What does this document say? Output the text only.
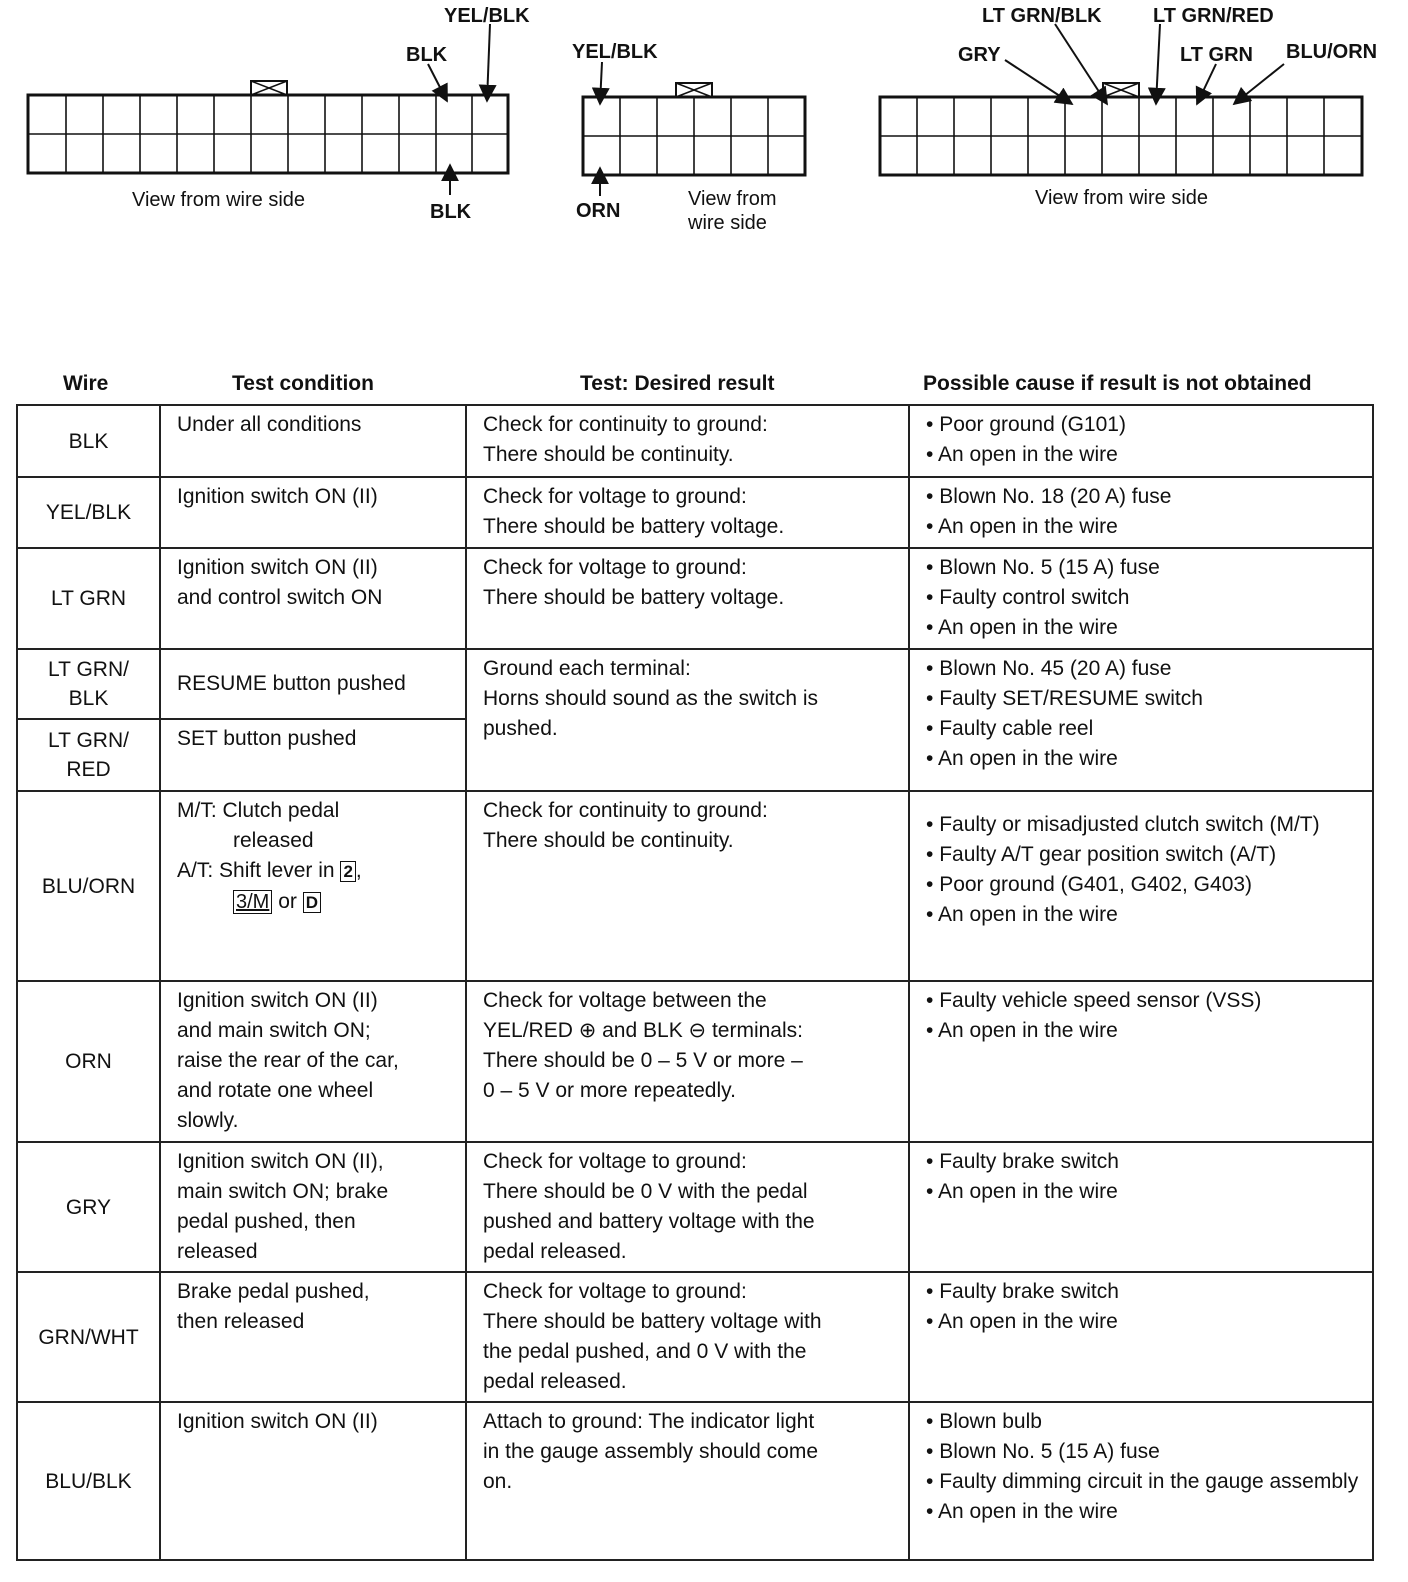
YEL/BLK
BLK
BLK
View from wire side
YEL/BLK
ORN
View from
wire side
LT GRN/BLK	LT GRN/RED
GRY	LT GRN BLU/ORN
View from wire side
Wire	Test condition	Test: Desired result	Possible cause if result is not obtained
BLK	Under all conditions	Check for continuity to ground:
There should be continuity.	• Poor ground (G101)
• An open in the wire

YEL/BLK	Ignition switch ON (II)	Check for voltage to ground:
There should be battery voltage.	• Blown No. 18 (20 A) fuse
• An open in the wire

LT GRN	Ignition switch ON (II)
and control switch ON	Check for voltage to ground:
There should be battery voltage.	• Blown No. 5 (15 A) fuse
• Faulty control switch
• An open in the wire

LT GRN/
BLK	RESUME button pushed	Ground each terminal:
Horns should sound as the switch is
pushed.	• Blown No. 45 (20 A) fuse
• Faulty SET/RESUME switch
• Faulty cable reel
• An open in the wire

LT GRN/
RED	SET button pushed		

BLU/ORN	M/T: Clutch pedal
released
A/T: Shift lever in 2 ,
3/M or D	Check for continuity to ground:
There should be continuity.	• Faulty or misadjusted clutch switch (M/T)
• Faulty A/T gear position switch (A/T)
• Poor ground (G401, G402, G403)
• An open in the wire

ORN	Ignition switch ON (II)
and main switch ON;
raise the rear of the car,
and rotate one wheel
slowly.	Check for voltage between the
YEL/RED ⊕ and BLK ⊖ terminals:
There should be 0 – 5 V or more –
0 – 5 V or more repeatedly.	• Faulty vehicle speed sensor (VSS)
• An open in the wire

GRY	Ignition switch ON (II),
main switch ON; brake
pedal pushed, then
released	Check for voltage to ground:
There should be 0 V with the pedal
pushed and battery voltage with the
pedal released.	• Faulty brake switch
• An open in the wire

GRN/WHT	Brake pedal pushed,
then released	Check for voltage to ground:
There should be battery voltage with
the pedal pushed, and 0 V with the
pedal released.	• Faulty brake switch
• An open in the wire

BLU/BLK	Ignition switch ON (II)	Attach to ground: The indicator light
in the gauge assembly should come
on.	• Blown bulb
• Blown No. 5 (15 A) fuse
• Faulty dimming circuit in the gauge assembly
• An open in the wire
